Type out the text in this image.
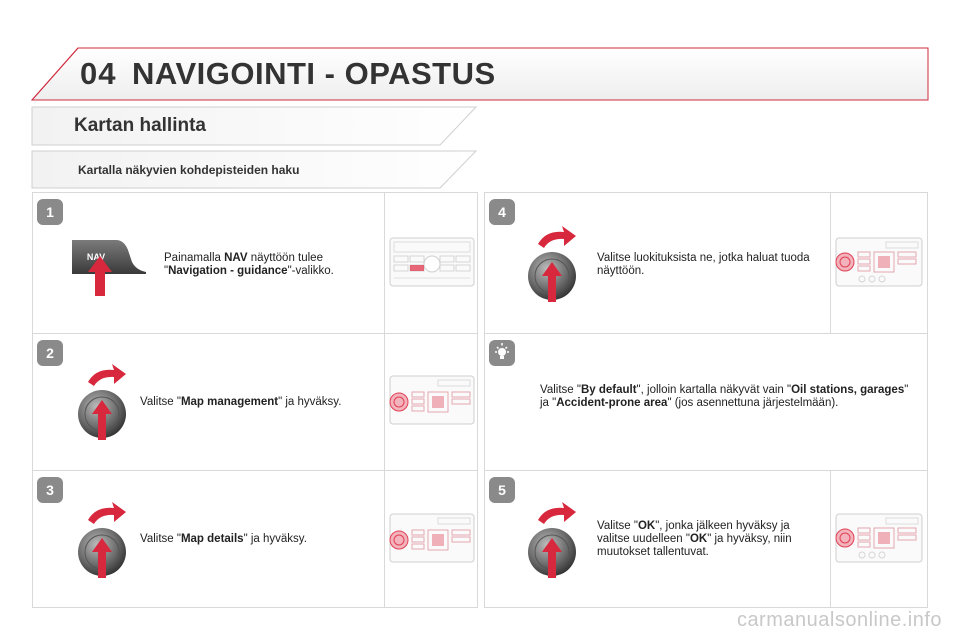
04 NAVIGOINTI - OPASTUS
Kartan hallinta
Kartalla näkyvien kohdepisteiden haku
1
2
3
4
5
NAV	Painamalla NAV näyttöön tulee "Navigation - guidance"-valikko.
Valitse "Map management" ja hyväksy.
Valitse "Map details" ja hyväksy.
Valitse luokituksista ne, jotka haluat tuoda näyttöön.
Valitse "By default", jolloin kartalla näkyvät vain "Oil stations, garages" ja "Accident-prone area" (jos asennettuna järjestelmään).
Valitse "OK", jonka jälkeen hyväksy ja valitse uudelleen "OK" ja hyväksy, niin muutokset tallentuvat.
carmanualsonline.info
